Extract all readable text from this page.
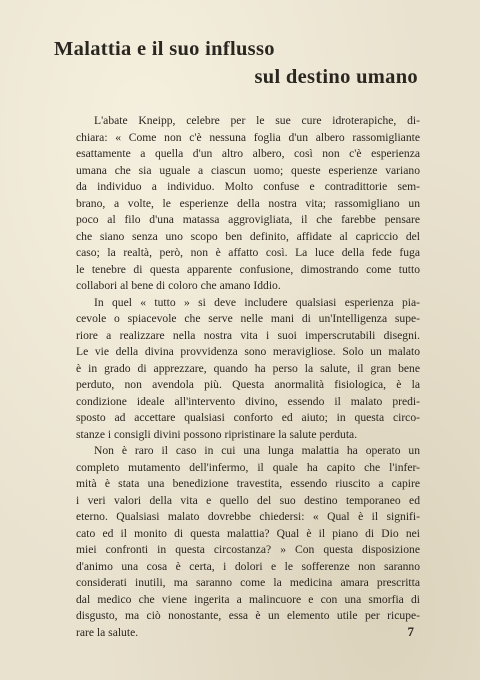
Malattia e il suo influsso
sul destino umano
L'abate Kneipp, celebre per le sue cure idroterapiche, di-
chiara: « Come non c'è nessuna foglia d'un albero rassomigliante
esattamente a quella d'un altro albero, così non c'è esperienza
umana che sia uguale a ciascun uomo; queste esperienze variano
da individuo a individuo. Molto confuse e contradittorie sem-
brano, a volte, le esperienze della nostra vita; rassomigliano un
poco al filo d'una matassa aggrovigliata, il che farebbe pensare
che siano senza uno scopo ben definito, affidate al capriccio del
caso; la realtà, però, non è affatto così. La luce della fede fuga
le tenebre di questa apparente confusione, dimostrando come tutto
collabori al bene di coloro che amano Iddio.
In quel « tutto » si deve includere qualsiasi esperienza pia-
cevole o spiacevole che serve nelle mani di un'Intelligenza supe-
riore a realizzare nella nostra vita i suoi imperscrutabili disegni.
Le vie della divina provvidenza sono meravigliose. Solo un malato
è in grado di apprezzare, quando ha perso la salute, il gran bene
perduto, non avendola più. Questa anormalità fisiologica, è la
condizione ideale all'intervento divino, essendo il malato predi-
sposto ad accettare qualsiasi conforto ed aiuto; in questa circo-
stanze i consigli divini possono ripristinare la salute perduta.
Non è raro il caso in cui una lunga malattia ha operato un
completo mutamento dell'infermo, il quale ha capito che l'infer-
mità è stata una benedizione travestita, essendo riuscito a capire
i veri valori della vita e quello del suo destino temporaneo ed
eterno. Qualsiasi malato dovrebbe chiedersi: « Qual è il signifi-
cato ed il monito di questa malattia? Qual è il piano di Dio nei
miei confronti in questa circostanza? » Con questa disposizione
d'animo una cosa è certa, i dolori e le sofferenze non saranno
considerati inutili, ma saranno come la medicina amara prescritta
dal medico che viene ingerita a malincuore e con una smorfia di
disgusto, ma ciò nonostante, essa è un elemento utile per ricupe-
rare la salute.	7
